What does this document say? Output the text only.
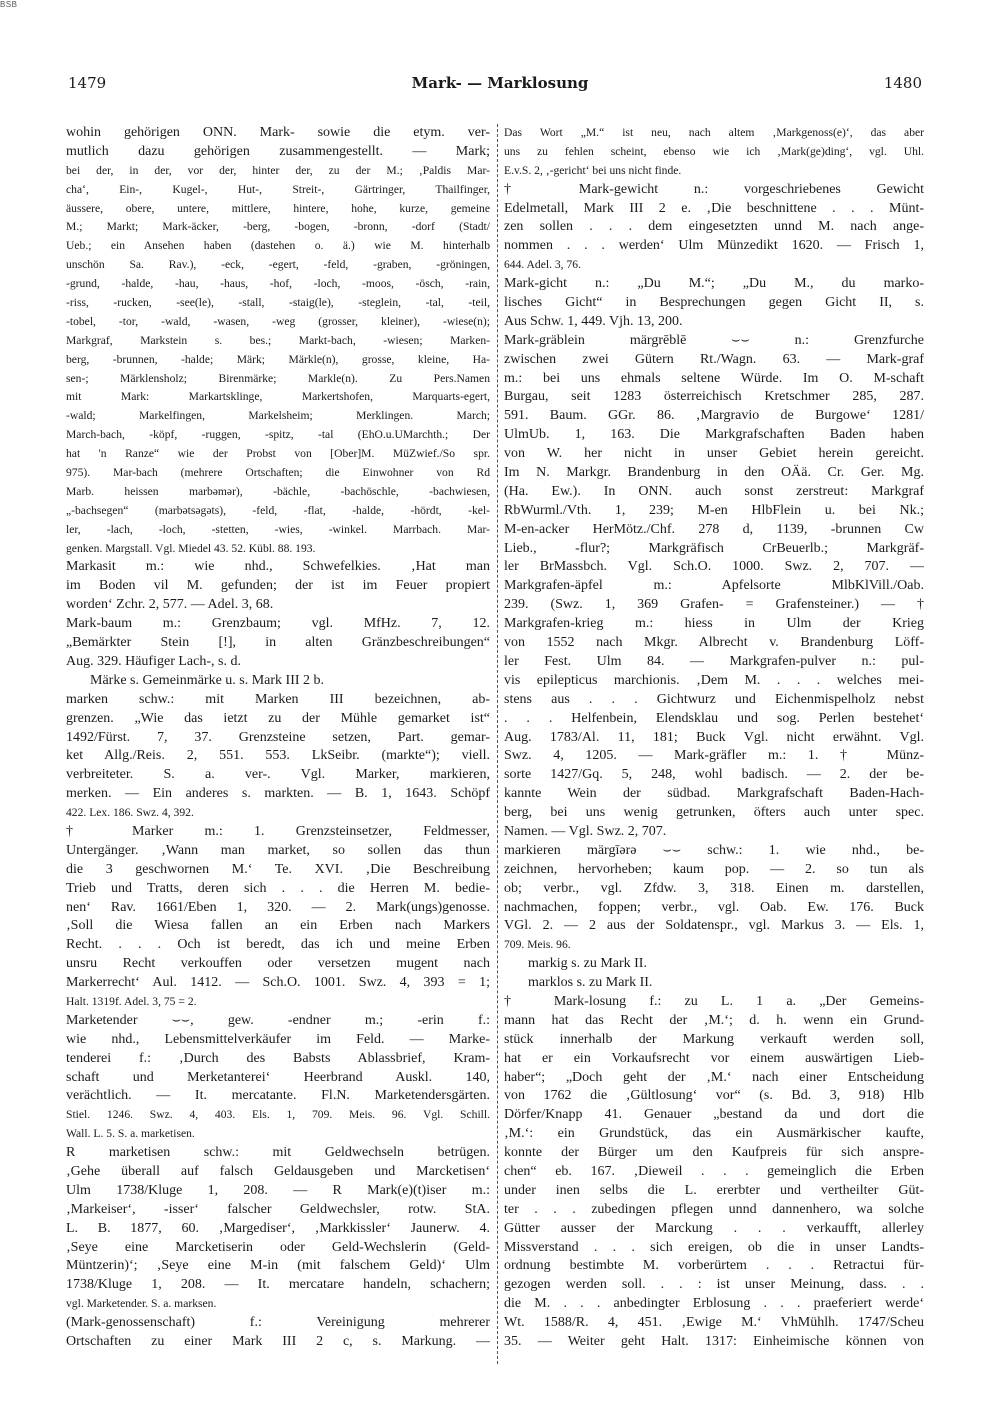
BSB
1479	Mark- — Marklosung	1480
wohin gehörigen ONN. Mark- sowie die etym. ver-
mutlich dazu gehörigen zusammengestellt. — Mark;
bei der, in der, vor der, hinter der, zu der M.; ‚Paldis Mar-
cha‘, Ein-, Kugel-, Hut-, Streit-, Gärtringer, Thailfinger,
äussere, obere, untere, mittlere, hintere, hohe, kurze, gemeine
M.; Markt; Mark-äcker, -berg, -bogen, -bronn, -dorf (Stadt/
Ueb.; ein Ansehen haben (dastehen o. ä.) wie M. hinterhalb
unschön Sa. Rav.), -eck, -egert, -feld, -graben, -gröningen,
-grund, -halde, -hau, -haus, -hof, -loch, -moos, -ösch, -rain,
-riss, -rucken, -see(le), -stall, -staig(le), -steglein, -tal, -teil,
-tobel, -tor, -wald, -wasen, -weg (grosser, kleiner), -wiese(n);
Markgraf, Markstein s. bes.; Markt-bach, -wiesen; Marken-
berg, -brunnen, -halde; Märk; Märkle(n), grosse, kleine, Ha-
sen-; Märklensholz; Birenmärke; Markle(n). Zu Pers.Namen
mit Mark: Markartsklinge, Markertshofen, Marquarts-egert,
-wald; Markelfingen, Markelsheim; Merklingen. March;
March-bach, -köpf, -ruggen, -spitz, -tal (EhO.u.UMarchth.; Der
hat 'n Ranze“ wie der Probst von [Ober]M. MüZwief./So spr.
975). Mar-bach (mehrere Ortschaften; die Einwohner von Rd
Marb. heissen marbəmər), -bächle, -bachöschle, -bachwiesen,
„-bachsegen“ (marbətsəgəts), -feld, -flat, -halde, -hördt, -kel-
ler, -lach, -loch, -stetten, -wies, -winkel. Marrbach. Mar-
genken. Margstall. Vgl. Miedel 43. 52. Kübl. 88. 193.
Markasit m.: wie nhd., Schwefelkies. ‚Hat man
im Boden vil M. gefunden; der ist im Feuer propiert
worden‘ Zchr. 2, 577. — Adel. 3, 68.
Mark-baum m.: Grenzbaum; vgl. MfHz. 7, 12.
„Bemärkter Stein [!], in alten Gränzbeschreibungen“
Aug. 329. Häufiger Lach-, s. d.
Märke s. Gemeinmärke u. s. Mark III 2 b.
marken schw.: mit Marken III bezeichnen, ab-
grenzen. „Wie das ietzt zu der Mühle gemarket ist“
1492/Fürst. 7, 37. Grenzsteine setzen, Part. gemar-
ket Allg./Reis. 2, 551. 553. LkSeibr. (markte“); viell.
verbreiteter. S. a. ver-. Vgl. Marker, markieren,
merken. — Ein anderes s. markten. — B. 1, 1643. Schöpf
422. Lex. 186. Swz. 4, 392.
† Marker m.: 1. Grenzsteinsetzer, Feldmesser,
Untergänger. ‚Wann man market, so sollen das thun
die 3 geschwornen M.‘ Te. XVI. ‚Die Beschreibung
Trieb und Tratts, deren sich . . . die Herren M. bedie-
nen‘ Rav. 1661/Eben 1, 320. — 2. Mark(ungs)genosse.
‚Soll die Wiesa fallen an ein Erben nach Markers
Recht. . . . Och ist beredt, das ich und meine Erben
unsru Recht verkouffen oder versetzen mugent nach
Markerrecht‘ Aul. 1412. — Sch.O. 1001. Swz. 4, 393 = 1;
Halt. 1319f. Adel. 3, 75 = 2.
Marketender ⌣⌣, gew. -endner m.; -erin f.:
wie nhd., Lebensmittelverkäufer im Feld. — Marke-
tenderei f.: ‚Durch des Babsts Ablassbrief, Kram-
schaft und Merketanterei‘ Heerbrand Auskl. 140,
verächtlich. — It. mercatante. Fl.N. Marketendersgärten.
Stiel. 1246. Swz. 4, 403. Els. 1, 709. Meis. 96. Vgl. Schill.
Wall. L. 5. S. a. marketisen.
R marketisen schw.: mit Geldwechseln betrügen.
‚Gehe überall auf falsch Geldausgeben und Marcketisen‘
Ulm 1738/Kluge 1, 208. — R Mark(e)(t)iser m.:
‚Markeiser‘, -isser‘ falscher Geldwechsler, rotw. StA.
L. B. 1877, 60. ‚Margediser‘, ‚Markkissler‘ Jaunerw. 4.
‚Seye eine Marcketiserin oder Geld-Wechslerin (Geld-
Müntzerin)‘; ‚Seye eine M-in (mit falschem Geld)‘ Ulm
1738/Kluge 1, 208. — It. mercatare handeln, schachern;
vgl. Marketender. S. a. marksen.
(Mark-genossenschaft) f.: Vereinigung mehrerer
Ortschaften zu einer Mark III 2 c, s. Markung. —
Das Wort „M.“ ist neu, nach altem ‚Markgenoss(e)‘, das aber
uns zu fehlen scheint, ebenso wie ich ‚Mark(ge)ding‘, vgl. Uhl.
E.v.S. 2, ‚-gericht‘ bei uns nicht finde.
† Mark-gewicht n.: vorgeschriebenes Gewicht
Edelmetall, Mark III 2 e. ‚Die beschnittene . . . Münt-
zen sollen . . . dem eingesetzten unnd M. nach ange-
nommen . . . werden‘ Ulm Münzedikt 1620. — Frisch 1,
644. Adel. 3, 76.
Mark-gicht n.: „Du M.“; „Du M., du marko-
lisches Gicht“ in Besprechungen gegen Gicht II, s.
Aus Schw. 1, 449. Vjh. 13, 200.
Mark-gräblein märgrēblē ⌣⌣ n.: Grenzfurche
zwischen zwei Gütern Rt./Wagn. 63. — Mark-graf
m.: bei uns ehmals seltene Würde. Im O. M-schaft
Burgau, seit 1283 österreichisch Kretschmer 285, 287.
591. Baum. GGr. 86. ‚Margravio de Burgowe‘ 1281/
UlmUb. 1, 163. Die Markgrafschaften Baden haben
von W. her nicht in unser Gebiet herein gereicht.
Im N. Markgr. Brandenburg in den OÄä. Cr. Ger. Mg.
(Ha. Ew.). In ONN. auch sonst zerstreut: Markgraf
RbWurml./Vth. 1, 239; M-en HlbFlein u. bei Nk.;
M-en-acker HerMötz./Chf. 278 d, 1139, -brunnen Cw
Lieb., -flur?; Markgräfisch CrBeuerlb.; Markgräf-
ler BrMassbch. Vgl. Sch.O. 1000. Swz. 2, 707. —
Markgrafen-äpfel m.: Apfelsorte MlbKlVill./Oab.
239. (Swz. 1, 369 Grafen- = Grafensteiner.) — †
Markgrafen-krieg m.: hiess in Ulm der Krieg
von 1552 nach Mkgr. Albrecht v. Brandenburg Löff-
ler Fest. Ulm 84. — Markgrafen-pulver n.: pul-
vis epilepticus marchionis. ‚Dem M. . . . welches mei-
stens aus . . . Gichtwurz und Eichenmispelholz nebst
. . . Helfenbein, Elendsklau und sog. Perlen bestehet‘
Aug. 1783/Al. 11, 181; Buck Vgl. nicht erwähnt. Vgl.
Swz. 4, 1205. — Mark-gräfler m.: 1. † Münz-
sorte 1427/Gq. 5, 248, wohl badisch. — 2. der be-
kannte Wein der südbad. Markgrafschaft Baden-Hach-
berg, bei uns wenig getrunken, öfters auch unter spec.
Namen. — Vgl. Swz. 2, 707.
markieren märgīərə ⌣⌣ schw.: 1. wie nhd., be-
zeichnen, hervorheben; kaum pop. — 2. so tun als
ob; verbr., vgl. Zfdw. 3, 318. Einen m. darstellen,
nachmachen, foppen; verbr., vgl. Oab. Ew. 176. Buck
VGl. 2. — 2 aus der Soldatenspr., vgl. Markus 3. — Els. 1,
709. Meis. 96.
markig s. zu Mark II.
marklos s. zu Mark II.
† Mark-losung f.: zu L. 1 a. „Der Gemeins-
mann hat das Recht der ‚M.‘; d. h. wenn ein Grund-
stück innerhalb der Markung verkauft werden soll,
hat er ein Vorkaufsrecht vor einem auswärtigen Lieb-
haber“; „Doch geht der ‚M.‘ nach einer Entscheidung
von 1762 die ‚Gültlosung‘ vor“ (s. Bd. 3, 918) Hlb
Dörfer/Knapp 41. Genauer „bestand da und dort die
‚M.‘: ein Grundstück, das ein Ausmärkischer kaufte,
konnte der Bürger um den Kaufpreis für sich anspre-
chen“ eb. 167. ‚Dieweil . . . gemeinglich die Erben
under inen selbs die L. ererbter und vertheilter Güt-
ter . . . zubedingen pflegen unnd dannenhero, wa solche
Gütter ausser der Marckung . . . verkaufft, allerley
Missverstand . . . sich ereigen, ob die in unser Landts-
ordnung bestimbte M. vorberürtem . . . Retractui für-
gezogen werden soll. . . : ist unser Meinung, dass. . .
die M. . . . anbedingter Erblosung . . . praeferiert werde‘
Wt. 1588/R. 4, 451. ‚Ewige M.‘ VhMühlh. 1747/Scheu
35. — Weiter geht Halt. 1317: Einheimische können von
